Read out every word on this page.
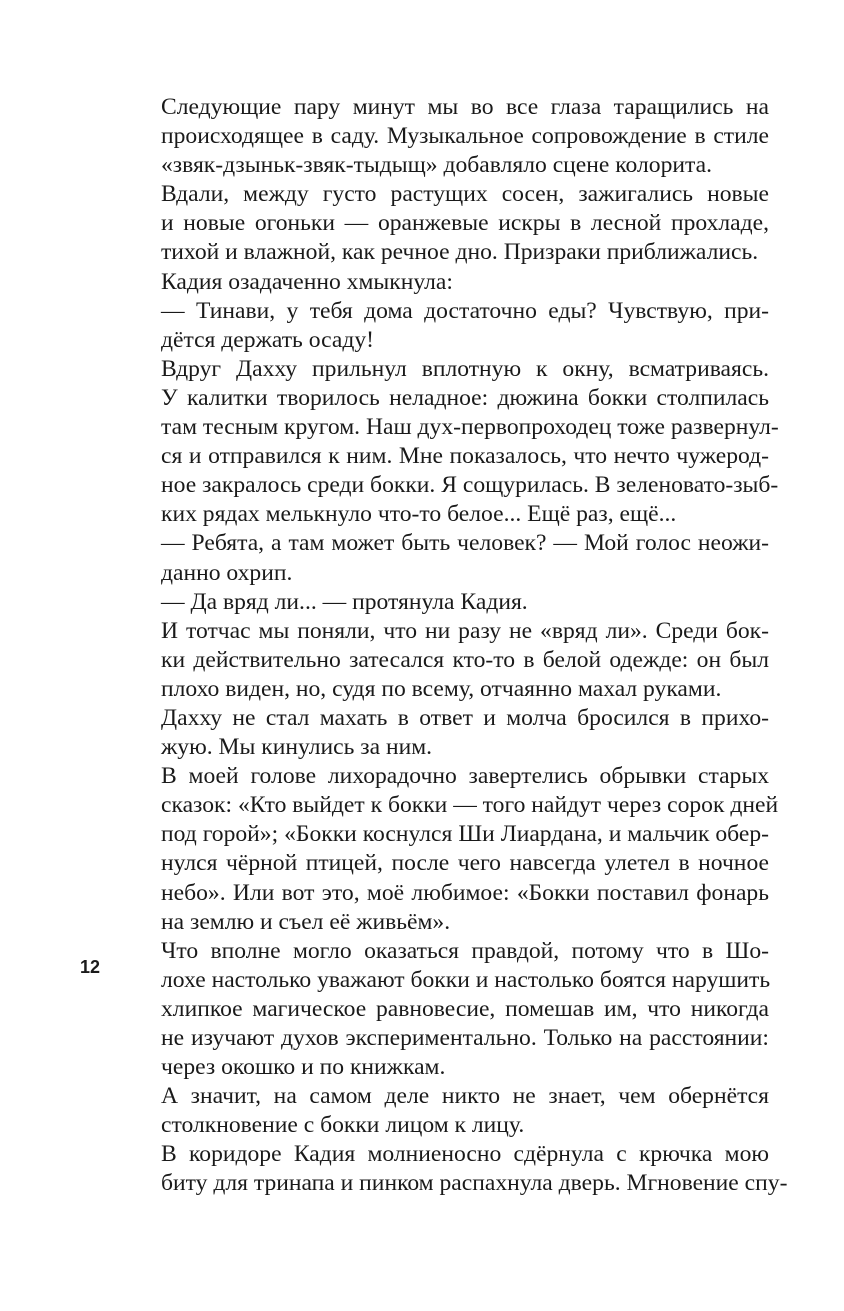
Следующие пару минут мы во все глаза таращились на
происходящее в саду. Музыкальное сопровождение в стиле
«звяк-дзыньк-звяк-тыдыщ» добавляло сцене колорита.

Вдали, между густо растущих сосен, зажигались новые
и новые огоньки — оранжевые искры в лесной прохладе,
тихой и влажной, как речное дно. Призраки приближались.

Кадия озадаченно хмыкнула:

— Тинави, у тебя дома достаточно еды? Чувствую, при-
дётся держать осаду!

Вдруг Дахху прильнул вплотную к окну, всматриваясь.
У калитки творилось неладное: дюжина бокки столпилась
там тесным кругом. Наш дух-первопроходец тоже развернул-
ся и отправился к ним. Мне показалось, что нечто чужерод-
ное закралось среди бокки. Я сощурилась. В зеленовато-зыб-
ких рядах мелькнуло что-то белое... Ещё раз, ещё...

— Ребята, а там может быть человек? — Мой голос неожи-
данно охрип.

— Да вряд ли... — протянула Кадия.

И тотчас мы поняли, что ни разу не «вряд ли». Среди бок-
ки действительно затесался кто-то в белой одежде: он был
плохо виден, но, судя по всему, отчаянно махал руками.

Дахху не стал махать в ответ и молча бросился в прихо-
жую. Мы кинулись за ним.

В моей голове лихорадочно завертелись обрывки старых
сказок: «Кто выйдет к бокки — того найдут через сорок дней
под горой»; «Бокки коснулся Ши Лиардана, и мальчик обер-
нулся чёрной птицей, после чего навсегда улетел в ночное
небо». Или вот это, моё любимое: «Бокки поставил фонарь
на землю и съел её живьём».

Что вполне могло оказаться правдой, потому что в Шо-
лохе настолько уважают бокки и настолько боятся нарушить
хлипкое магическое равновесие, помешав им, что никогда
не изучают духов экспериментально. Только на расстоянии:
через окошко и по книжкам.

А значит, на самом деле никто не знает, чем обернётся
столкновение с бокки лицом к лицу.

В коридоре Кадия молниеносно сдёрнула с крючка мою
биту для тринапа и пинком распахнула дверь. Мгновение спу-

12
